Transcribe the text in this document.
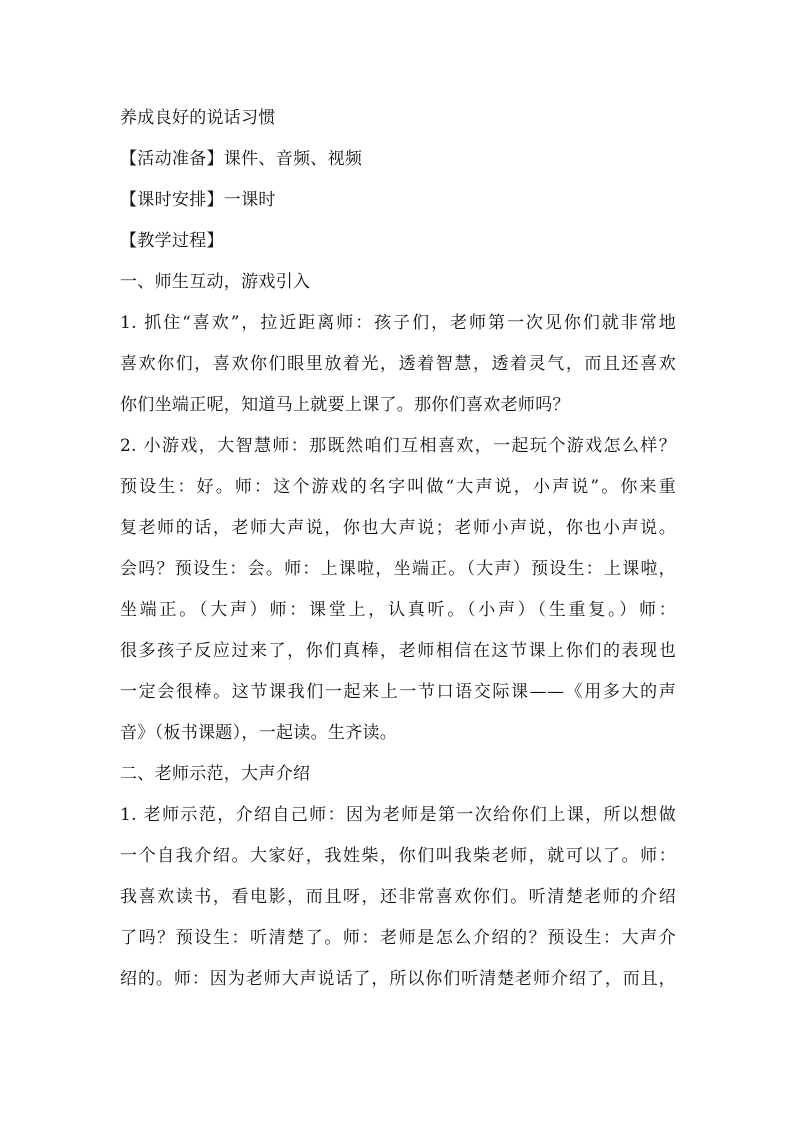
养成良好的说话习惯

【活动准备】课件、音频、视频

【课时安排】一课时

【教学过程】

一、师生互动，游戏引入

1. 抓住“喜欢”，拉近距离师：孩子们，老师第一次见你们就非常地

喜欢你们，喜欢你们眼里放着光，透着智慧，透着灵气，而且还喜欢

你们坐端正呢，知道马上就要上课了。那你们喜欢老师吗？

2. 小游戏，大智慧师：那既然咱们互相喜欢，一起玩个游戏怎么样？

预设生：好。师：这个游戏的名字叫做“大声说，小声说”。你来重

复老师的话，老师大声说，你也大声说；老师小声说，你也小声说。

会吗？预设生：会。师：上课啦，坐端正。（大声）预设生：上课啦，

坐端正。（大声）师：课堂上，认真听。（小声）（生重复。）师：

很多孩子反应过来了，你们真棒，老师相信在这节课上你们的表现也

一定会很棒。这节课我们一起来上一节口语交际课——《用多大的声

音》（板书课题），一起读。生齐读。

二、老师示范，大声介绍

1. 老师示范，介绍自己师：因为老师是第一次给你们上课，所以想做

一个自我介绍。大家好，我姓柴，你们叫我柴老师，就可以了。师：

我喜欢读书，看电影，而且呀，还非常喜欢你们。听清楚老师的介绍

了吗？预设生：听清楚了。师：老师是怎么介绍的？预设生：大声介

绍的。师：因为老师大声说话了，所以你们听清楚老师介绍了，而且，
